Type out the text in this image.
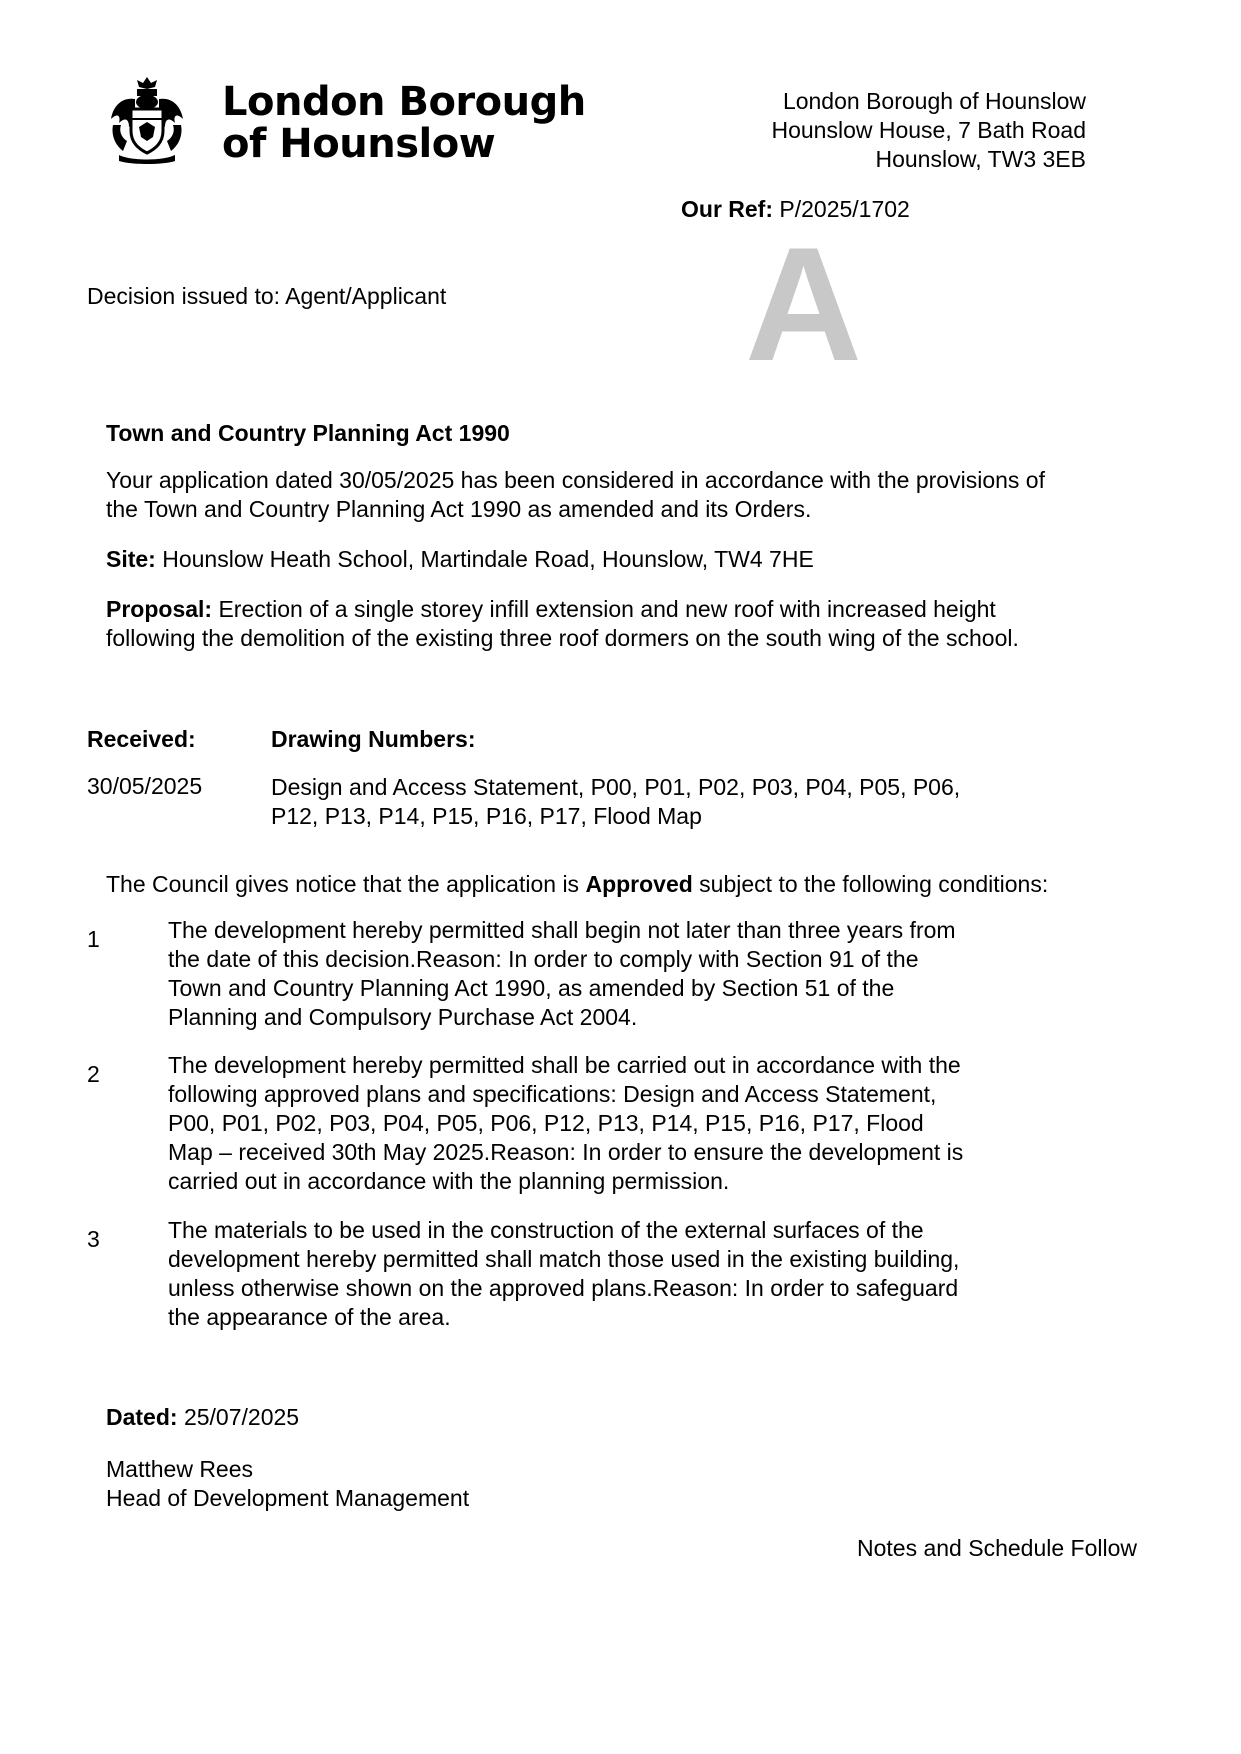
London Borough
of Hounslow
London Borough of Hounslow
Hounslow House, 7 Bath Road
Hounslow, TW3 3EB
Our Ref: P/2025/1702
A
Decision issued to: Agent/Applicant
Town and Country Planning Act 1990
Your application dated 30/05/2025 has been considered in accordance with the provisions of
the Town and Country Planning Act 1990 as amended and its Orders.
Site: Hounslow Heath School, Martindale Road, Hounslow, TW4 7HE
Proposal: Erection of a single storey infill extension and new roof with increased height
following the demolition of the existing three roof dormers on the south wing of the school.
Received:	Drawing Numbers:
30/05/2025	Design and Access Statement, P00, P01, P02, P03, P04, P05, P06,
P12, P13, P14, P15, P16, P17, Flood Map
The Council gives notice that the application is Approved subject to the following conditions:
1	The development hereby permitted shall begin not later than three years from
the date of this decision.Reason: In order to comply with Section 91 of the
Town and Country Planning Act 1990, as amended by Section 51 of the
Planning and Compulsory Purchase Act 2004.
2	The development hereby permitted shall be carried out in accordance with the
following approved plans and specifications: Design and Access Statement,
P00, P01, P02, P03, P04, P05, P06, P12, P13, P14, P15, P16, P17, Flood
Map – received 30th May 2025.Reason: In order to ensure the development is
carried out in accordance with the planning permission.
3	The materials to be used in the construction of the external surfaces of the
development hereby permitted shall match those used in the existing building,
unless otherwise shown on the approved plans.Reason: In order to safeguard
the appearance of the area.
Dated: 25/07/2025
Matthew Rees
Head of Development Management
Notes and Schedule Follow
